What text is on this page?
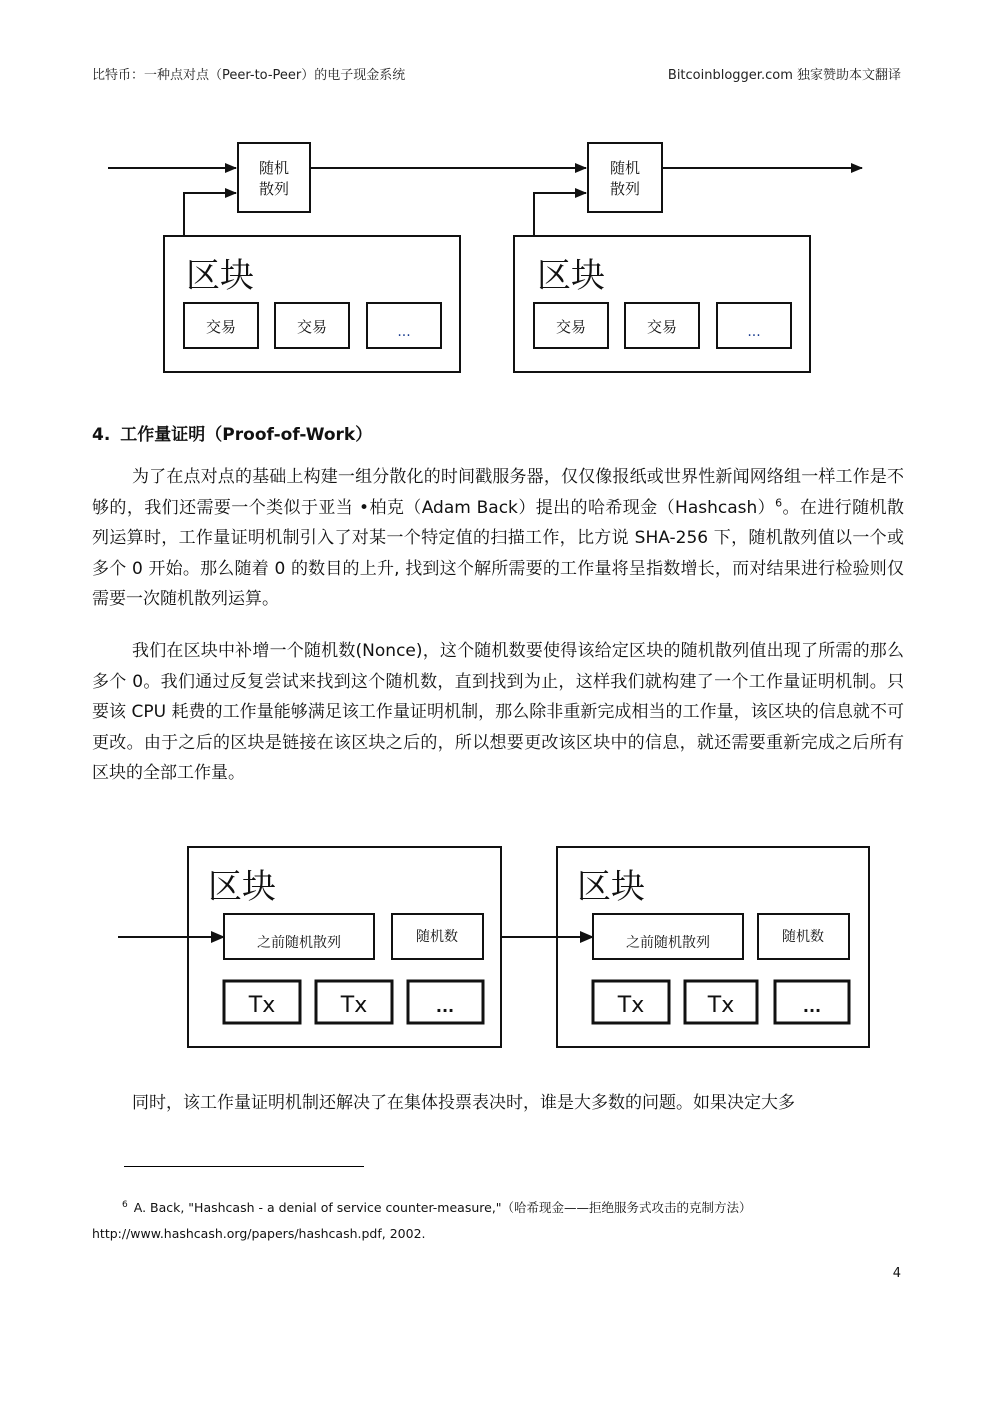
比特币：一种点对点（Peer-to-Peer）的电子现金系统	Bitcoinblogger.com 独家赞助本文翻译
随机
散列
随机
散列
区块	区块
交易	交易	...	交易	交易	...
4. 工作量证明（Proof-of-Work）

为了在点对点的基础上构建一组分散化的时间戳服务器，仅仅像报纸或世界性新闻网络组一样工作是不够的，我们还需要一个类似于亚当 •柏克（Adam Back）提出的哈希现金（Hashcash）$^6$。在进行随机散列运算时，工作量证明机制引入了对某一个特定值的扫描工作，比方说 SHA-256 下，随机散列值以一个或多个 0 开始。那么随着 0 的数目的上升, 找到这个解所需要的工作量将呈指数增长，而对结果进行检验则仅需要一次随机散列运算。

我们在区块中补增一个随机数(Nonce)，这个随机数要使得该给定区块的随机散列值出现了所需的那么多个 0。我们通过反复尝试来找到这个随机数，直到找到为止，这样我们就构建了一个工作量证明机制。只要该 CPU 耗费的工作量能够满足该工作量证明机制，那么除非重新完成相当的工作量，该区块的信息就不可更改。由于之后的区块是链接在该区块之后的，所以想要更改该区块中的信息，就还需要重新完成之后所有区块的全部工作量。

区块	区块
之前随机散列	之前随机散列
随机数	随机数
Tx	Tx	...	Tx	Tx	...

同时，该工作量证明机制还解决了在集体投票表决时，谁是大多数的问题。如果决定大多

$^6$ A. Back, "Hashcash - a denial of service counter-measure,"（哈希现金——拒绝服务式攻击的克制方法）http://www.hashcash.org/papers/hashcash.pdf, 2002.

4
